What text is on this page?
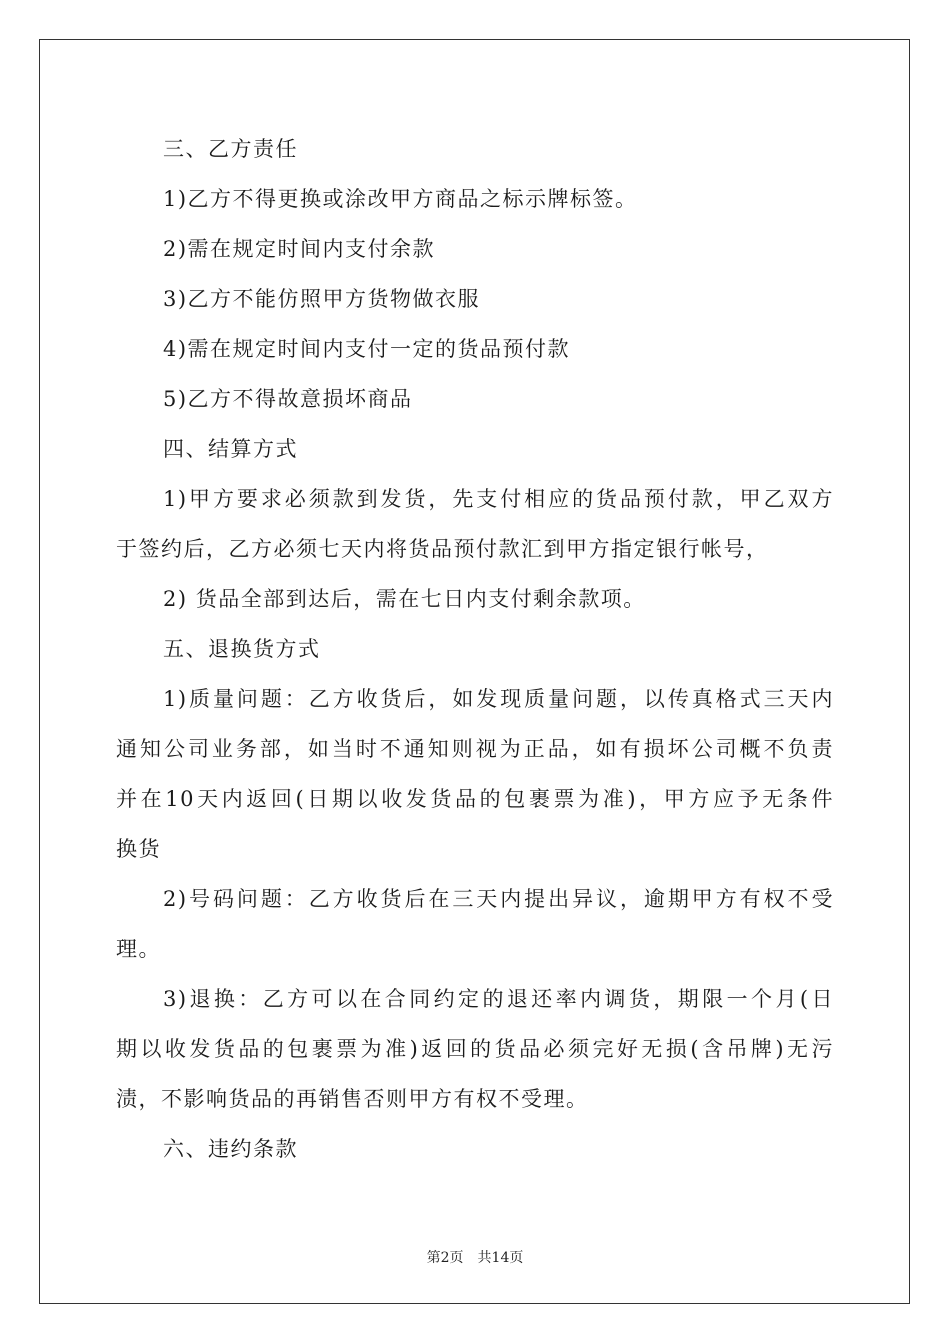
三、乙方责任
1)乙方不得更换或涂改甲方商品之标示牌标签。
2)需在规定时间内支付余款
3)乙方不能仿照甲方货物做衣服
4)需在规定时间内支付一定的货品预付款
5)乙方不得故意损坏商品
四、结算方式
1)甲方要求必须款到发货，先支付相应的货品预付款，甲乙双方
于签约后，乙方必须七天内将货品预付款汇到甲方指定银行帐号，
2) 货品全部到达后，需在七日内支付剩余款项。
五、退换货方式
1)质量问题：乙方收货后，如发现质量问题，以传真格式三天内
通知公司业务部，如当时不通知则视为正品，如有损坏公司概不负责
并在10天内返回(日期以收发货品的包裹票为准)，甲方应予无条件
换货
2)号码问题：乙方收货后在三天内提出异议，逾期甲方有权不受
理。
3)退换：乙方可以在合同约定的退还率内调货，期限一个月(日
期以收发货品的包裹票为准)返回的货品必须完好无损(含吊牌)无污
渍，不影响货品的再销售否则甲方有权不受理。
六、违约条款
第2页 共14页
